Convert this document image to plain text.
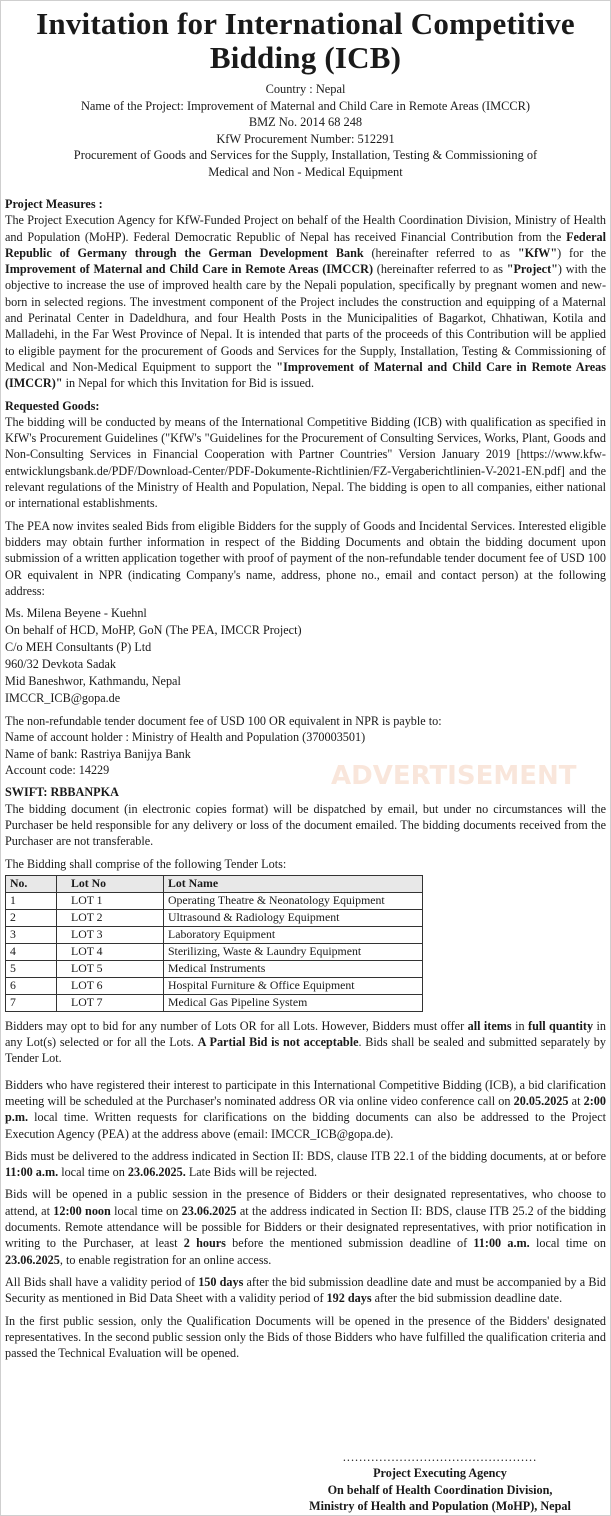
Invitation for International Competitive Bidding (ICB)
Country : Nepal
Name of the Project: Improvement of Maternal and Child Care in Remote Areas (IMCCR)
BMZ No. 2014 68 248
KfW Procurement Number: 512291
Procurement of Goods and Services for the Supply, Installation, Testing & Commissioning of
Medical and Non - Medical Equipment
Project Measures :

The Project Execution Agency for KfW-Funded Project on behalf of the Health Coordination Division, Ministry of Health and Population (MoHP). Federal Democratic Republic of Nepal has received Financial Contribution from the Federal Republic of Germany through the German Development Bank (hereinafter referred to as "KfW") for the Improvement of Maternal and Child Care in Remote Areas (IMCCR) (hereinafter referred to as "Project") with the objective to increase the use of improved health care by the Nepali population, specifically by pregnant women and new-born in selected regions. The investment component of the Project includes the construction and equipping of a Maternal and Perinatal Center in Dadeldhura, and four Health Posts in the Municipalities of Bagarkot, Chhatiwan, Kotila and Malladehi, in the Far West Province of Nepal. It is intended that parts of the proceeds of this Contribution will be applied to eligible payment for the procurement of Goods and Services for the Supply, Installation, Testing & Commissioning of Medical and Non-Medical Equipment to support the "Improvement of Maternal and Child Care in Remote Areas (IMCCR)" in Nepal for which this Invitation for Bid is issued.

Requested Goods:

The bidding will be conducted by means of the International Competitive Bidding (ICB) with qualification as specified in KfW's Procurement Guidelines ("KfW's "Guidelines for the Procurement of Consulting Services, Works, Plant, Goods and Non-Consulting Services in Financial Cooperation with Partner Countries" Version January 2019 [https://www.kfw-entwicklungsbank.de/PDF/Download-Center/PDF-Dokumente-Richtlinien/FZ-Vergaberichtlinien-V-2021-EN.pdf] and the relevant regulations of the Ministry of Health and Population, Nepal. The bidding is open to all companies, either national or international establishments.

The PEA now invites sealed Bids from eligible Bidders for the supply of Goods and Incidental Services. Interested eligible bidders may obtain further information in respect of the Bidding Documents and obtain the bidding document upon submission of a written application together with proof of payment of the non-refundable tender document fee of USD 100 OR equivalent in NPR (indicating Company's name, address, phone no., email and contact person) at the following address:

Ms. Milena Beyene - Kuehnl
On behalf of HCD, MoHP, GoN (The PEA, IMCCR Project)
C/o MEH Consultants (P) Ltd
960/32 Devkota Sadak
Mid Baneshwor, Kathmandu, Nepal
IMCCR_ICB@gopa.de
The non-refundable tender document fee of USD 100 OR equivalent in NPR is payble to:
Name of account holder : Ministry of Health and Population (370003501)
Name of bank: Rastriya Banijya Bank
Account code: 14229
SWIFT: RBBANPKA

The bidding document (in electronic copies format) will be dispatched by email, but under no circumstances will the Purchaser be held responsible for any delivery or loss of the document emailed. The bidding documents received from the Purchaser are not transferable.

The Bidding shall comprise of the following Tender Lots:
No.	Lot No	Lot Name
1	LOT 1	Operating Theatre & Neonatology Equipment
2	LOT 2	Ultrasound & Radiology Equipment
3	LOT 3	Laboratory Equipment
4	LOT 4	Sterilizing, Waste & Laundry Equipment
5	LOT 5	Medical Instruments
6	LOT 6	Hospital Furniture & Office Equipment
7	LOT 7	Medical Gas Pipeline System

Bidders may opt to bid for any number of Lots OR for all Lots. However, Bidders must offer all items in full quantity in any Lot(s) selected or for all the Lots. A Partial Bid is not acceptable. Bids shall be sealed and submitted separately by Tender Lot.

Bidders who have registered their interest to participate in this International Competitive Bidding (ICB), a bid clarification meeting will be scheduled at the Purchaser's nominated address OR via online video conference call on 20.05.2025 at 2:00 p.m. local time. Written requests for clarifications on the bidding documents can also be addressed to the Project Execution Agency (PEA) at the address above (email: IMCCR_ICB@gopa.de).

Bids must be delivered to the address indicated in Section II: BDS, clause ITB 22.1 of the bidding documents, at or before 11:00 a.m. local time on 23.06.2025. Late Bids will be rejected.

Bids will be opened in a public session in the presence of Bidders or their designated representatives, who choose to attend, at 12:00 noon local time on 23.06.2025 at the address indicated in Section II: BDS, clause ITB 25.2 of the bidding documents. Remote attendance will be possible for Bidders or their designated representatives, with prior notification in writing to the Purchaser, at least 2 hours before the mentioned submission deadline of 11:00 a.m. local time on 23.06.2025, to enable registration for an online access.

All Bids shall have a validity period of 150 days after the bid submission deadline date and must be accompanied by a Bid Security as mentioned in Bid Data Sheet with a validity period of 192 days after the bid submission deadline date.

In the first public session, only the Qualification Documents will be opened in the presence of the Bidders' designated representatives. In the second public session only the Bids of those Bidders who have fulfilled the qualification criteria and passed the Technical Evaluation will be opened.

ADVERTISEMENT
................................................
Project Executing Agency
On behalf of Health Coordination Division,
Ministry of Health and Population (MoHP), Nepal
